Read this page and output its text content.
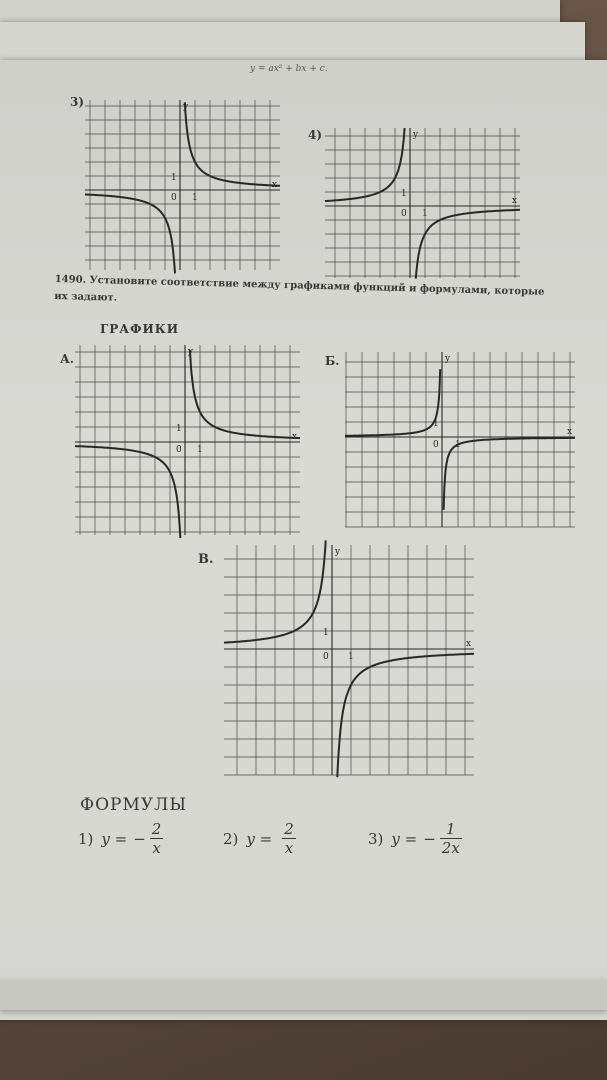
y = ax² + bx + c.
3)
0 1
1
x
y
4)
0 1
1
x
y
1490. Установите соответствие между графиками функций и формулами, которые их задают.
ГРАФИКИ
А.
0 1
1
x
y
Б.
0 1
1
x
y
В.
0 1
1
x
y
ФОРМУЛЫ
1) y = − $\frac{2}{x}$	2) $y = \frac{2}{x}$	3) y = − $\frac{1}{2x}$
